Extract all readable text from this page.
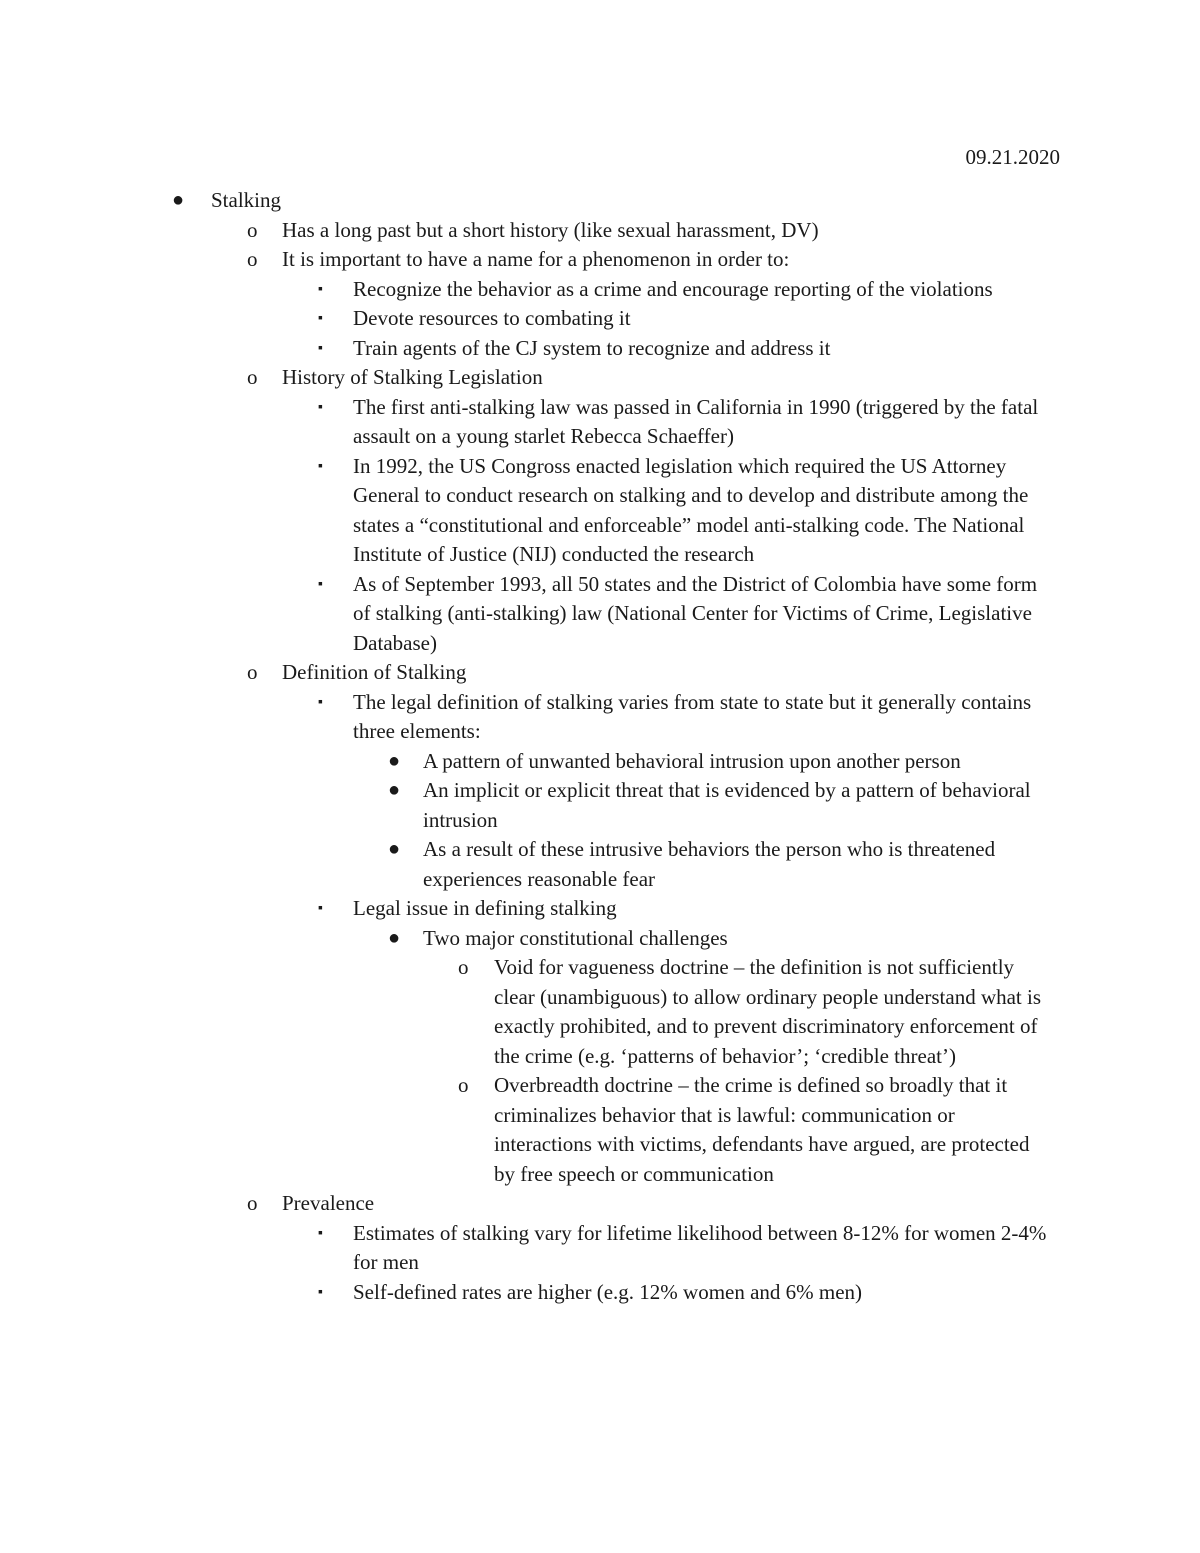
09.21.2020
● Stalking
o Has a long past but a short history (like sexual harassment, DV)
o It is important to have a name for a phenomenon in order to:
▪ Recognize the behavior as a crime and encourage reporting of the violations
▪ Devote resources to combating it
▪ Train agents of the CJ system to recognize and address it
o History of Stalking Legislation
▪ The first anti-stalking law was passed in California in 1990 (triggered by the fatal assault on a young starlet Rebecca Schaeffer)
▪ In 1992, the US Congross enacted legislation which required the US Attorney General to conduct research on stalking and to develop and distribute among the states a “constitutional and enforceable” model anti-stalking code. The National Institute of Justice (NIJ) conducted the research
▪ As of September 1993, all 50 states and the District of Colombia have some form of stalking (anti-stalking) law (National Center for Victims of Crime, Legislative Database)
o Definition of Stalking
▪ The legal definition of stalking varies from state to state but it generally contains three elements:
● A pattern of unwanted behavioral intrusion upon another person
● An implicit or explicit threat that is evidenced by a pattern of behavioral intrusion
● As a result of these intrusive behaviors the person who is threatened experiences reasonable fear
▪ Legal issue in defining stalking
● Two major constitutional challenges
o Void for vagueness doctrine – the definition is not sufficiently clear (unambiguous) to allow ordinary people understand what is exactly prohibited, and to prevent discriminatory enforcement of the crime (e.g. ‘patterns of behavior’; ‘credible threat’)
o Overbreadth doctrine – the crime is defined so broadly that it criminalizes behavior that is lawful: communication or interactions with victims, defendants have argued, are protected by free speech or communication
o Prevalence
▪ Estimates of stalking vary for lifetime likelihood between 8-12% for women 2-4% for men
▪ Self-defined rates are higher (e.g. 12% women and 6% men)
